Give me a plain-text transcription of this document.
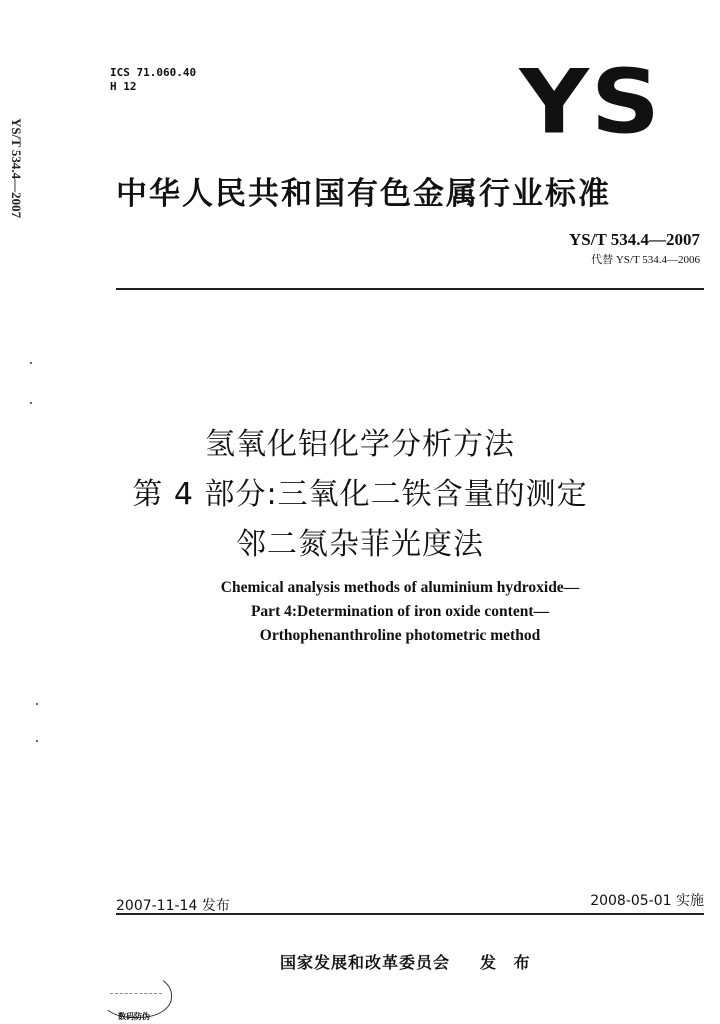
YS/T 534.4—2007
ICS 71.060.40
H 12	YS
中华人民共和国有色金属行业标准
YS/T 534.4—2007
代替 YS/T 534.4—2006
氢氧化铝化学分析方法
第 4 部分:三氧化二铁含量的测定
邻二氮杂菲光度法
Chemical analysis methods of aluminium hydroxide—
Part 4:Determination of iron oxide content—
Orthophenanthroline photometric method
2007-11-14 发布	2008-05-01 实施
国家发展和改革委员会 发 布
数码防伪
